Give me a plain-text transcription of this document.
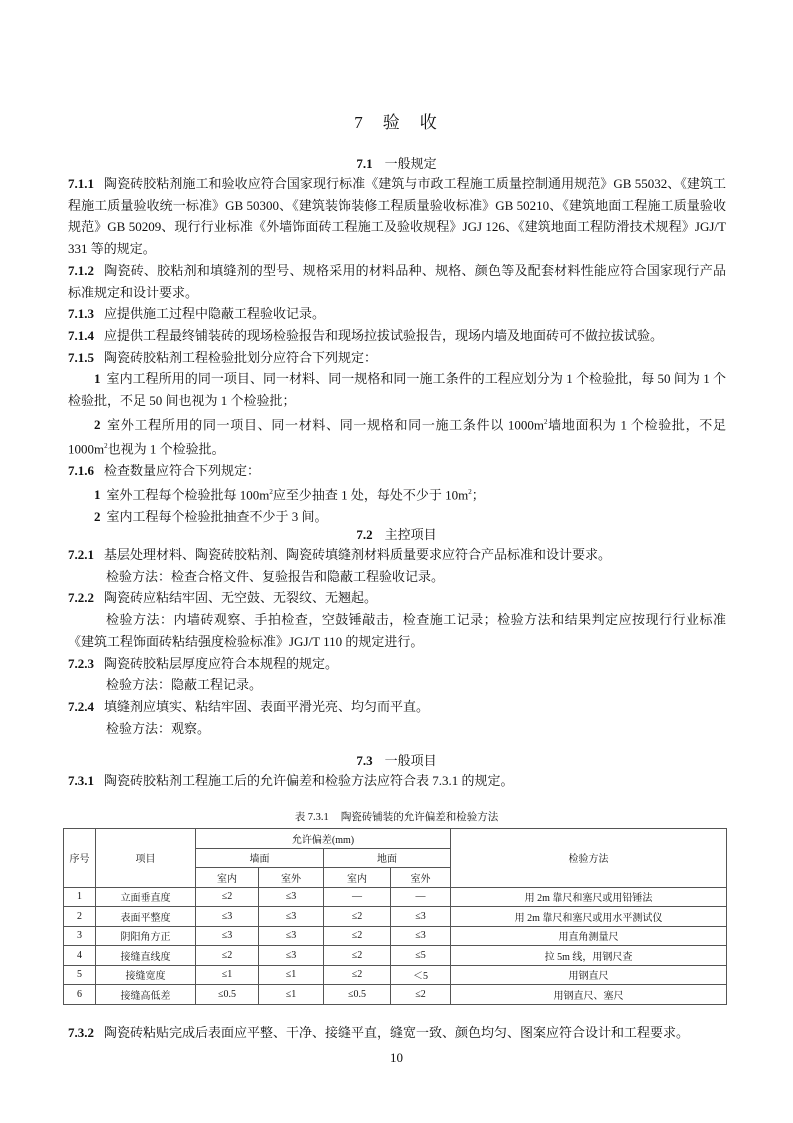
7 验 收
7.1 一般规定

7.1.1 陶瓷砖胶粘剂施工和验收应符合国家现行标准《建筑与市政工程施工质量控制通用规范》GB 55032、《建筑工程施工质量验收统一标准》GB 50300、《建筑装饰装修工程质量验收标准》GB 50210、《建筑地面工程施工质量验收规范》GB 50209、现行行业标准《外墙饰面砖工程施工及验收规程》JGJ 126、《建筑地面工程防滑技术规程》JGJ/T 331 等的规定。

7.1.2 陶瓷砖、胶粘剂和填缝剂的型号、规格采用的材料品种、规格、颜色等及配套材料性能应符合国家现行产品标准规定和设计要求。

7.1.3 应提供施工过程中隐蔽工程验收记录。

7.1.4 应提供工程最终铺装砖的现场检验报告和现场拉拔试验报告，现场内墙及地面砖可不做拉拔试验。

7.1.5 陶瓷砖胶粘剂工程检验批划分应符合下列规定：

1 室内工程所用的同一项目、同一材料、同一规格和同一施工条件的工程应划分为 1 个检验批，每 50 间为 1 个检验批，不足 50 间也视为 1 个检验批；

2 室外工程所用的同一项目、同一材料、同一规格和同一施工条件以 $1000m^2$墙地面积为 1 个检验批，不足 $1000m^2$也视为 1 个检验批。

7.1.6 检查数量应符合下列规定：

1 室外工程每个检验批每 $100m^2$应至少抽查 1 处，每处不少于 $10m^2$；

2 室内工程每个检验批抽查不少于 3 间。

7.2 主控项目

7.2.1 基层处理材料、陶瓷砖胶粘剂、陶瓷砖填缝剂材料质量要求应符合产品标准和设计要求。

检验方法：检查合格文件、复验报告和隐蔽工程验收记录。

7.2.2 陶瓷砖应粘结牢固、无空鼓、无裂纹、无翘起。

检验方法：内墙砖观察、手拍检查，空鼓锤敲击，检查施工记录；检验方法和结果判定应按现行行业标准《建筑工程饰面砖粘结强度检验标准》JGJ/T 110 的规定进行。

7.2.3 陶瓷砖胶粘层厚度应符合本规程的规定。

检验方法：隐蔽工程记录。

7.2.4 填缝剂应填实、粘结牢固、表面平滑光亮、均匀而平直。

检验方法：观察。

7.3 一般项目

7.3.1 陶瓷砖胶粘剂工程施工后的允许偏差和检验方法应符合表 7.3.1 的规定。

表 7.3.1 陶瓷砖铺装的允许偏差和检验方法
序号	项目	允许偏差(mm)				检验方法
		墙面		地面		
		室内	室外	室内	室外	
1	立面垂直度	≤2	≤3	—	—	用 2m 靠尺和塞尺或用铅锤法
2	表面平整度	≤3	≤3	≤2	≤3	用 2m 靠尺和塞尺或用水平测试仪
3	阴阳角方正	≤3	≤3	≤2	≤3	用直角测量尺
4	接缝直线度	≤2	≤3	≤2	≤5	拉 5m 线，用钢尺查
5	接缝宽度	≤1	≤1	≤2	＜5	用钢直尺
6	接缝高低差	≤0.5	≤1	≤0.5	≤2	用钢直尺、塞尺

7.3.2 陶瓷砖粘贴完成后表面应平整、干净、接缝平直，缝宽一致、颜色均匀、图案应符合设计和工程要求。

10
